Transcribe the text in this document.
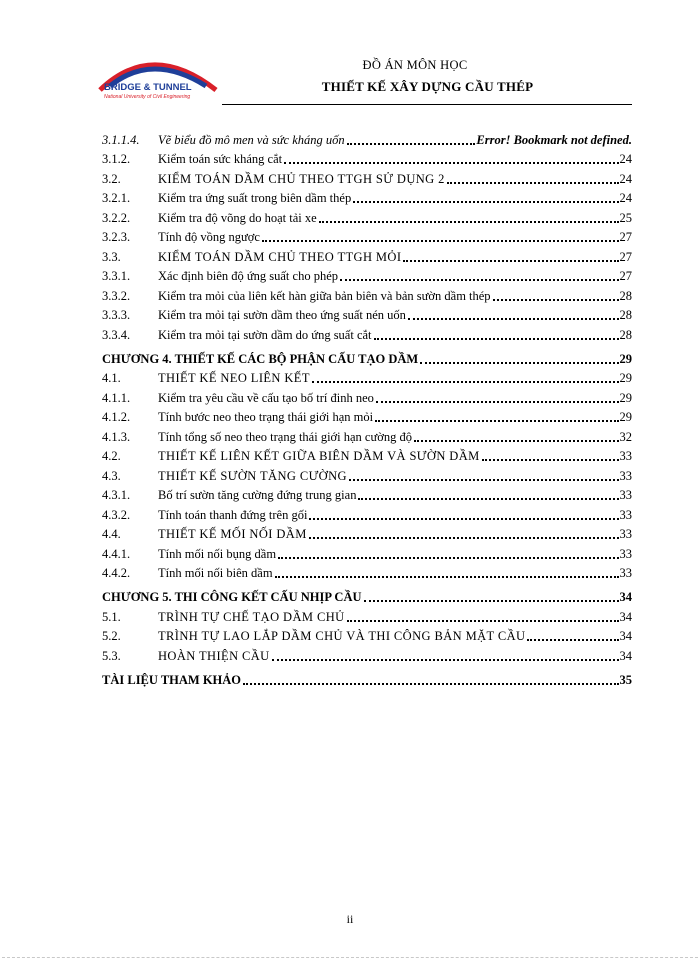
BRIDGE & TUNNEL
National University of Civil Engineering
ĐỒ ÁN MÔN HỌC
THIẾT KẾ XÂY DỰNG CẦU THÉP
3.1.1.4.	Vẽ biểu đồ mô men và sức kháng uốn	Error! Bookmark not defined.
3.1.2.	Kiểm toán sức kháng cắt	24
3.2.	KIỂM TOÁN DẦM CHỦ THEO TTGH SỬ DỤNG 2	24
3.2.1.	Kiểm tra ứng suất trong biên dầm thép	24
3.2.2.	Kiểm tra độ võng do hoạt tải xe	25
3.2.3.	Tính độ vồng ngược	27
3.3.	KIỂM TOÁN DẦM CHỦ THEO TTGH MỎI	27
3.3.1.	Xác định biên độ ứng suất cho phép	27
3.3.2.	Kiểm tra mỏi của liên kết hàn giữa bản biên và bản sườn dầm thép	28
3.3.3.	Kiểm tra mỏi tại sườn dầm theo ứng suất nén uốn	28
3.3.4.	Kiểm tra mỏi tại sườn dầm do ứng suất cắt	28
CHƯƠNG 4. THIẾT KẾ CÁC BỘ PHẬN CẤU TẠO DẦM	29
4.1.	THIẾT KẾ NEO LIÊN KẾT	29
4.1.1.	Kiểm tra yêu cầu về cấu tạo bố trí đinh neo	29
4.1.2.	Tính bước neo theo trạng thái giới hạn mỏi	29
4.1.3.	Tính tổng số neo theo trạng thái giới hạn cường độ	32
4.2.	THIẾT KẾ LIÊN KẾT GIỮA BIÊN DẦM VÀ SƯỜN DẦM	33
4.3.	THIẾT KẾ SƯỜN TĂNG CƯỜNG	33
4.3.1.	Bố trí sườn tăng cường đứng trung gian	33
4.3.2.	Tính toán thanh đứng trên gối	33
4.4.	THIẾT KẾ MỐI NỐI DẦM	33
4.4.1.	Tính mối nối bụng dầm	33
4.4.2.	Tính mối nối biên dầm	33
CHƯƠNG 5. THI CÔNG KẾT CẤU NHỊP CẦU	34
5.1.	TRÌNH TỰ CHẾ TẠO DẦM CHỦ	34
5.2.	TRÌNH TỰ LAO LẮP DẦM CHỦ VÀ THI CÔNG BẢN MẶT CẦU	34
5.3.	HOÀN THIỆN CẦU	34
TÀI LIỆU THAM KHẢO	35
ii
